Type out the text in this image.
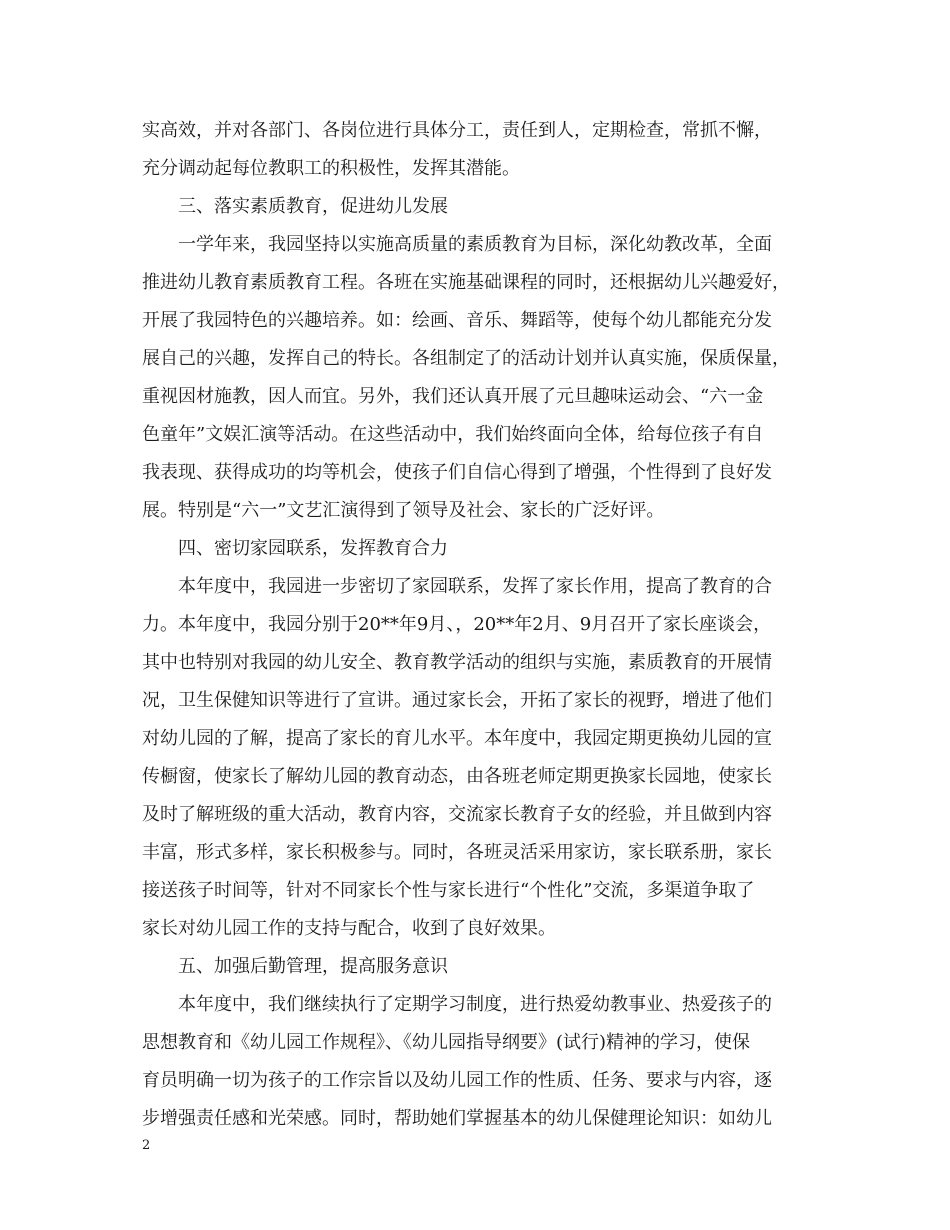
实高效，并对各部门、各岗位进行具体分工，责任到人，定期检查，常抓不懈，
充分调动起每位教职工的积极性，发挥其潜能。
三、落实素质教育，促进幼儿发展
一学年来，我园坚持以实施高质量的素质教育为目标，深化幼教改革，全面
推进幼儿教育素质教育工程。各班在实施基础课程的同时，还根据幼儿兴趣爱好，
开展了我园特色的兴趣培养。如：绘画、音乐、舞蹈等，使每个幼儿都能充分发
展自己的兴趣，发挥自己的特长。各组制定了的活动计划并认真实施，保质保量，
重视因材施教，因人而宜。另外，我们还认真开展了元旦趣味运动会、“六一金
色童年”文娱汇演等活动。在这些活动中，我们始终面向全体，给每位孩子有自
我表现、获得成功的均等机会，使孩子们自信心得到了增强，个性得到了良好发
展。特别是“六一”文艺汇演得到了领导及社会、家长的广泛好评。
四、密切家园联系，发挥教育合力
本年度中，我园进一步密切了家园联系，发挥了家长作用，提高了教育的合
力。本年度中，我园分别于20**年9月、，20**年2月、9月召开了家长座谈会，
其中也特别对我园的幼儿安全、教育教学活动的组织与实施，素质教育的开展情
况，卫生保健知识等进行了宣讲。通过家长会，开拓了家长的视野，增进了他们
对幼儿园的了解，提高了家长的育儿水平。本年度中，我园定期更换幼儿园的宣
传橱窗，使家长了解幼儿园的教育动态，由各班老师定期更换家长园地，使家长
及时了解班级的重大活动，教育内容，交流家长教育子女的经验，并且做到内容
丰富，形式多样，家长积极参与。同时，各班灵活采用家访，家长联系册，家长
接送孩子时间等，针对不同家长个性与家长进行“个性化”交流，多渠道争取了
家长对幼儿园工作的支持与配合，收到了良好效果。
五、加强后勤管理，提高服务意识
本年度中，我们继续执行了定期学习制度，进行热爱幼教事业、热爱孩子的
思想教育和《幼儿园工作规程》、《幼儿园指导纲要》(试行)精神的学习，使保
育员明确一切为孩子的工作宗旨以及幼儿园工作的性质、任务、要求与内容，逐
步增强责任感和光荣感。同时，帮助她们掌握基本的幼儿保健理论知识：如幼儿
2
